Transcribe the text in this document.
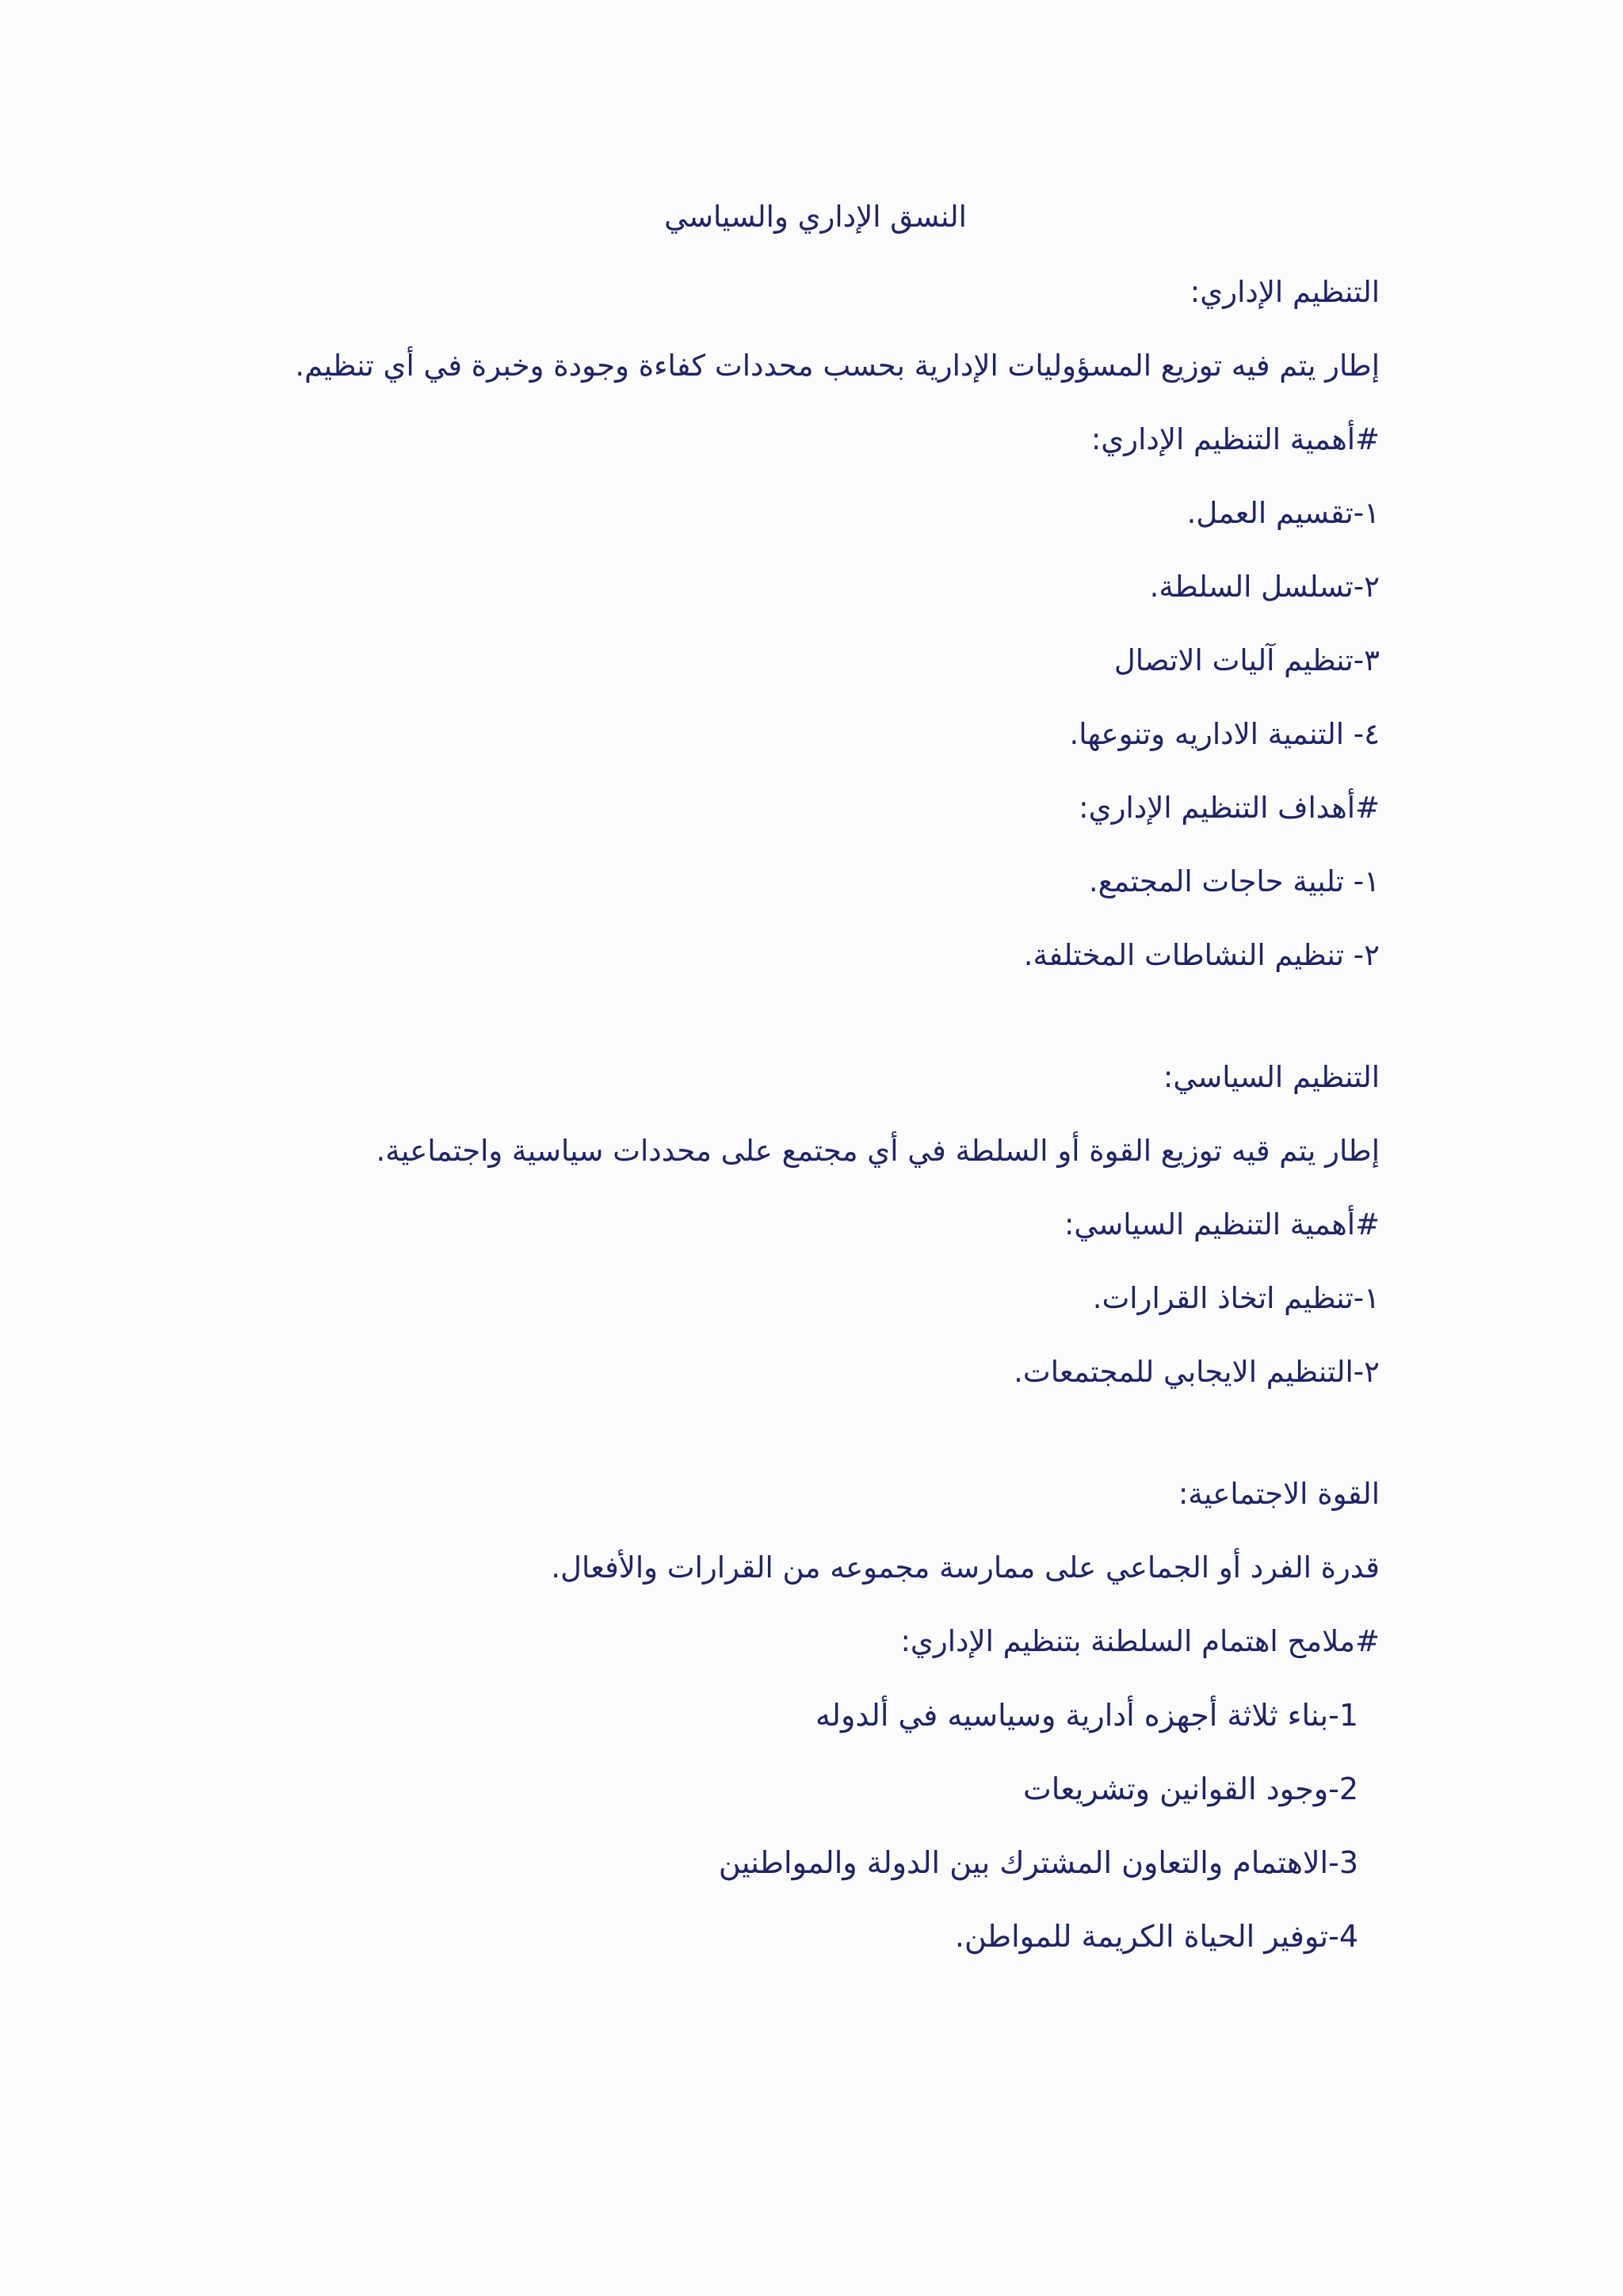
النسق الإداري والسياسي
التنظيم الإداري:
إطار يتم فيه توزيع المسؤوليات الإدارية بحسب محددات كفاءة وجودة وخبرة في أي تنظيم.
#أهمية التنظيم الإداري:
١-تقسيم العمل.
٢-تسلسل السلطة.
٣-تنظيم آليات الاتصال
٤- التنمية الاداريه وتنوعها.
#أهداف التنظيم الإداري:
١- تلبية حاجات المجتمع.
٢- تنظيم النشاطات المختلفة.
التنظيم السياسي:
إطار يتم قيه توزيع القوة أو السلطة في أي مجتمع على محددات سياسية واجتماعية.
#أهمية التنظيم السياسي:
١-تنظيم اتخاذ القرارات.
٢-التنظيم الايجابي للمجتمعات.
القوة الاجتماعية:
قدرة الفرد أو الجماعي على ممارسة مجموعه من القرارات والأفعال.
#ملامح اهتمام السلطنة بتنظيم الإداري:
1-بناء ثلاثة أجهزه أدارية وسياسيه في ألدوله
2-وجود القوانين وتشريعات
3-الاهتمام والتعاون المشترك بين الدولة والمواطنين
4-توفير الحياة الكريمة للمواطن.
